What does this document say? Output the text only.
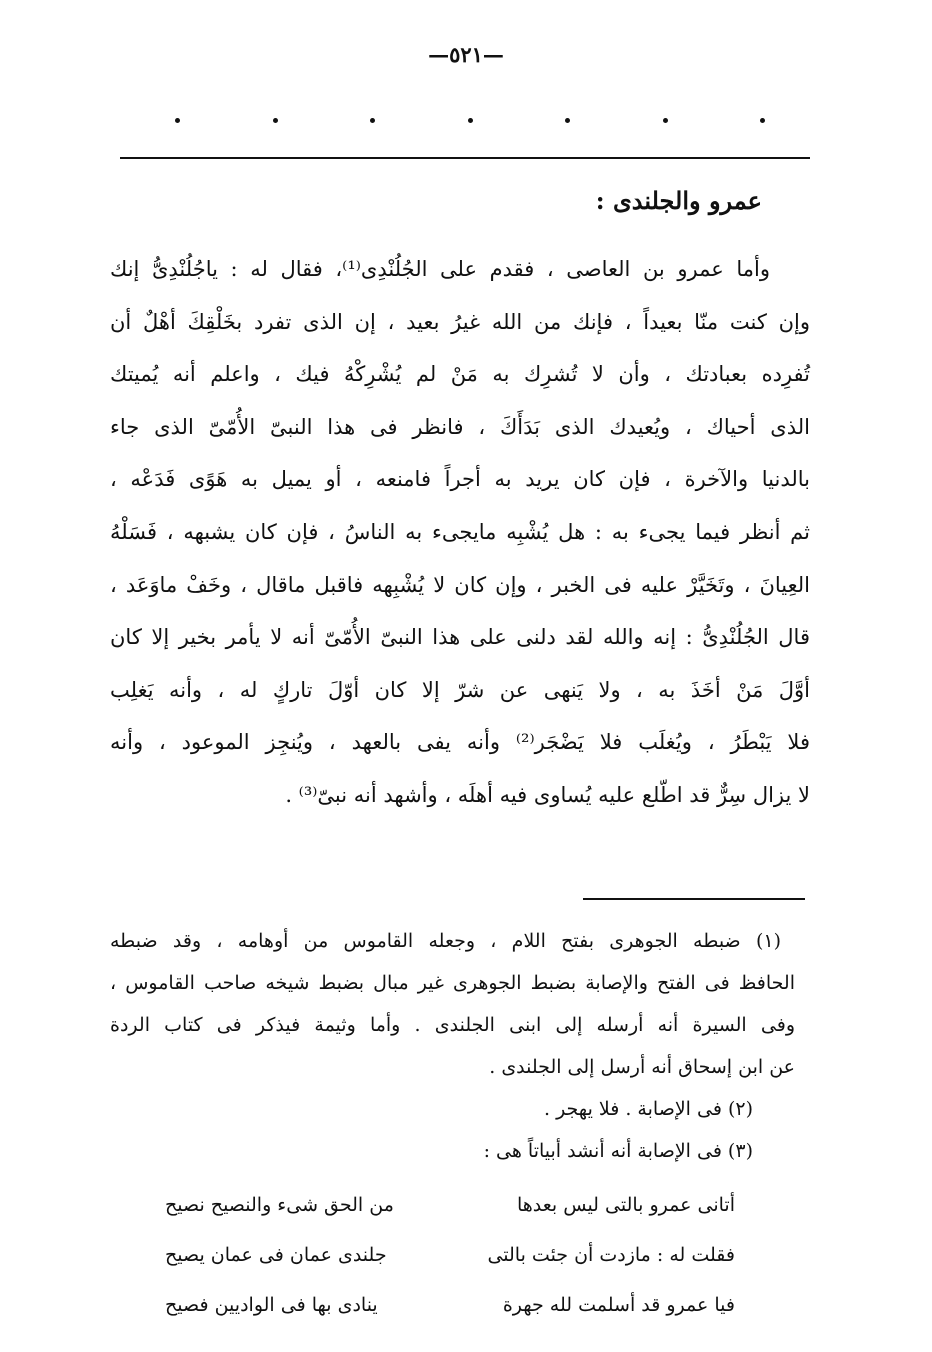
—٥٢١—
عمرو والجلندى :
وأما عمرو بن العاصى ، فقدم على الجُلُنْدِى⁽¹⁾، فقال له : ياجُلُنْدِىُّ إنك
وإن كنت منّا بعيداً ، فإنك من الله غيرُ بعيد ، إن الذى تفرد بخَلْقِكَ أهْلٌ أن
تُفرِده بعبادتك ، وأن لا تُشرِك به مَنْ لم يُشْرِكْهُ فيك ، واعلم أنه يُميتك
الذى أحياك ، ويُعيدك الذى بَدَأَكَ ، فانظر فى هذا النبىّ الأُمّىّ الذى جاء
بالدنيا والآخرة ، فإن كان يريد به أجراً فامنعه ، أو يميل به هَوًى فَدَعْه ،
ثم أنظر فيما يجىء به : هل يُشْبِه مايجىء به الناسُ ، فإن كان يشبهه ، فَسَلْهُ
العِيانَ ، وتَخَيَّرْ عليه فى الخبر ، وإن كان لا يُشْبِهه فاقبل ماقال ، وخَفْ ماوَعَد ،
قال الجُلُنْدِىُّ : إنه والله لقد دلنى على هذا النبىّ الأُمّىّ أنه لا يأمر بخير إلا كان
أوَّلَ مَنْ أخَذَ به ، ولا يَنهى عن شرّ إلا كان أوّلَ تاركٍ له ، وأنه يَغلِب
فلا يَبْطَرُ ، ويُغلَب فلا يَضْجَر⁽²⁾ وأنه يفى بالعهد ، ويُنجِز الموعود ، وأنه
لا يزال سِرٌّ قد اطّلع عليه يُساوى فيه أهلَه ، وأشهد أنه نبىّ⁽³⁾ .
(١) ضبطه الجوهرى بفتح اللام ، وجعله القاموس من أوهامه ، وقد ضبطه
الحافظ فى الفتح والإصابة بضبط الجوهرى غير مبال بضبط شيخه صاحب القاموس ،
وفى السيرة أنه أرسله إلى ابنى الجلندى . وأما وثيمة فيذكر فى كتاب الردة
عن ابن إسحاق أنه أرسل إلى الجلندى .
(٢) فى الإصابة . فلا يهجر .
(٣) فى الإصابة أنه أنشد أبياتاً هى :
أتانى عمرو بالتى ليس بعدها
من الحق شىء والنصيح نصيح
فقلت له : مازدت أن جئت بالتى
جلندى عمان فى عمان يصيح
فيا عمرو قد أسلمت لله جهرة
ينادى بها فى الواديين فصيح
